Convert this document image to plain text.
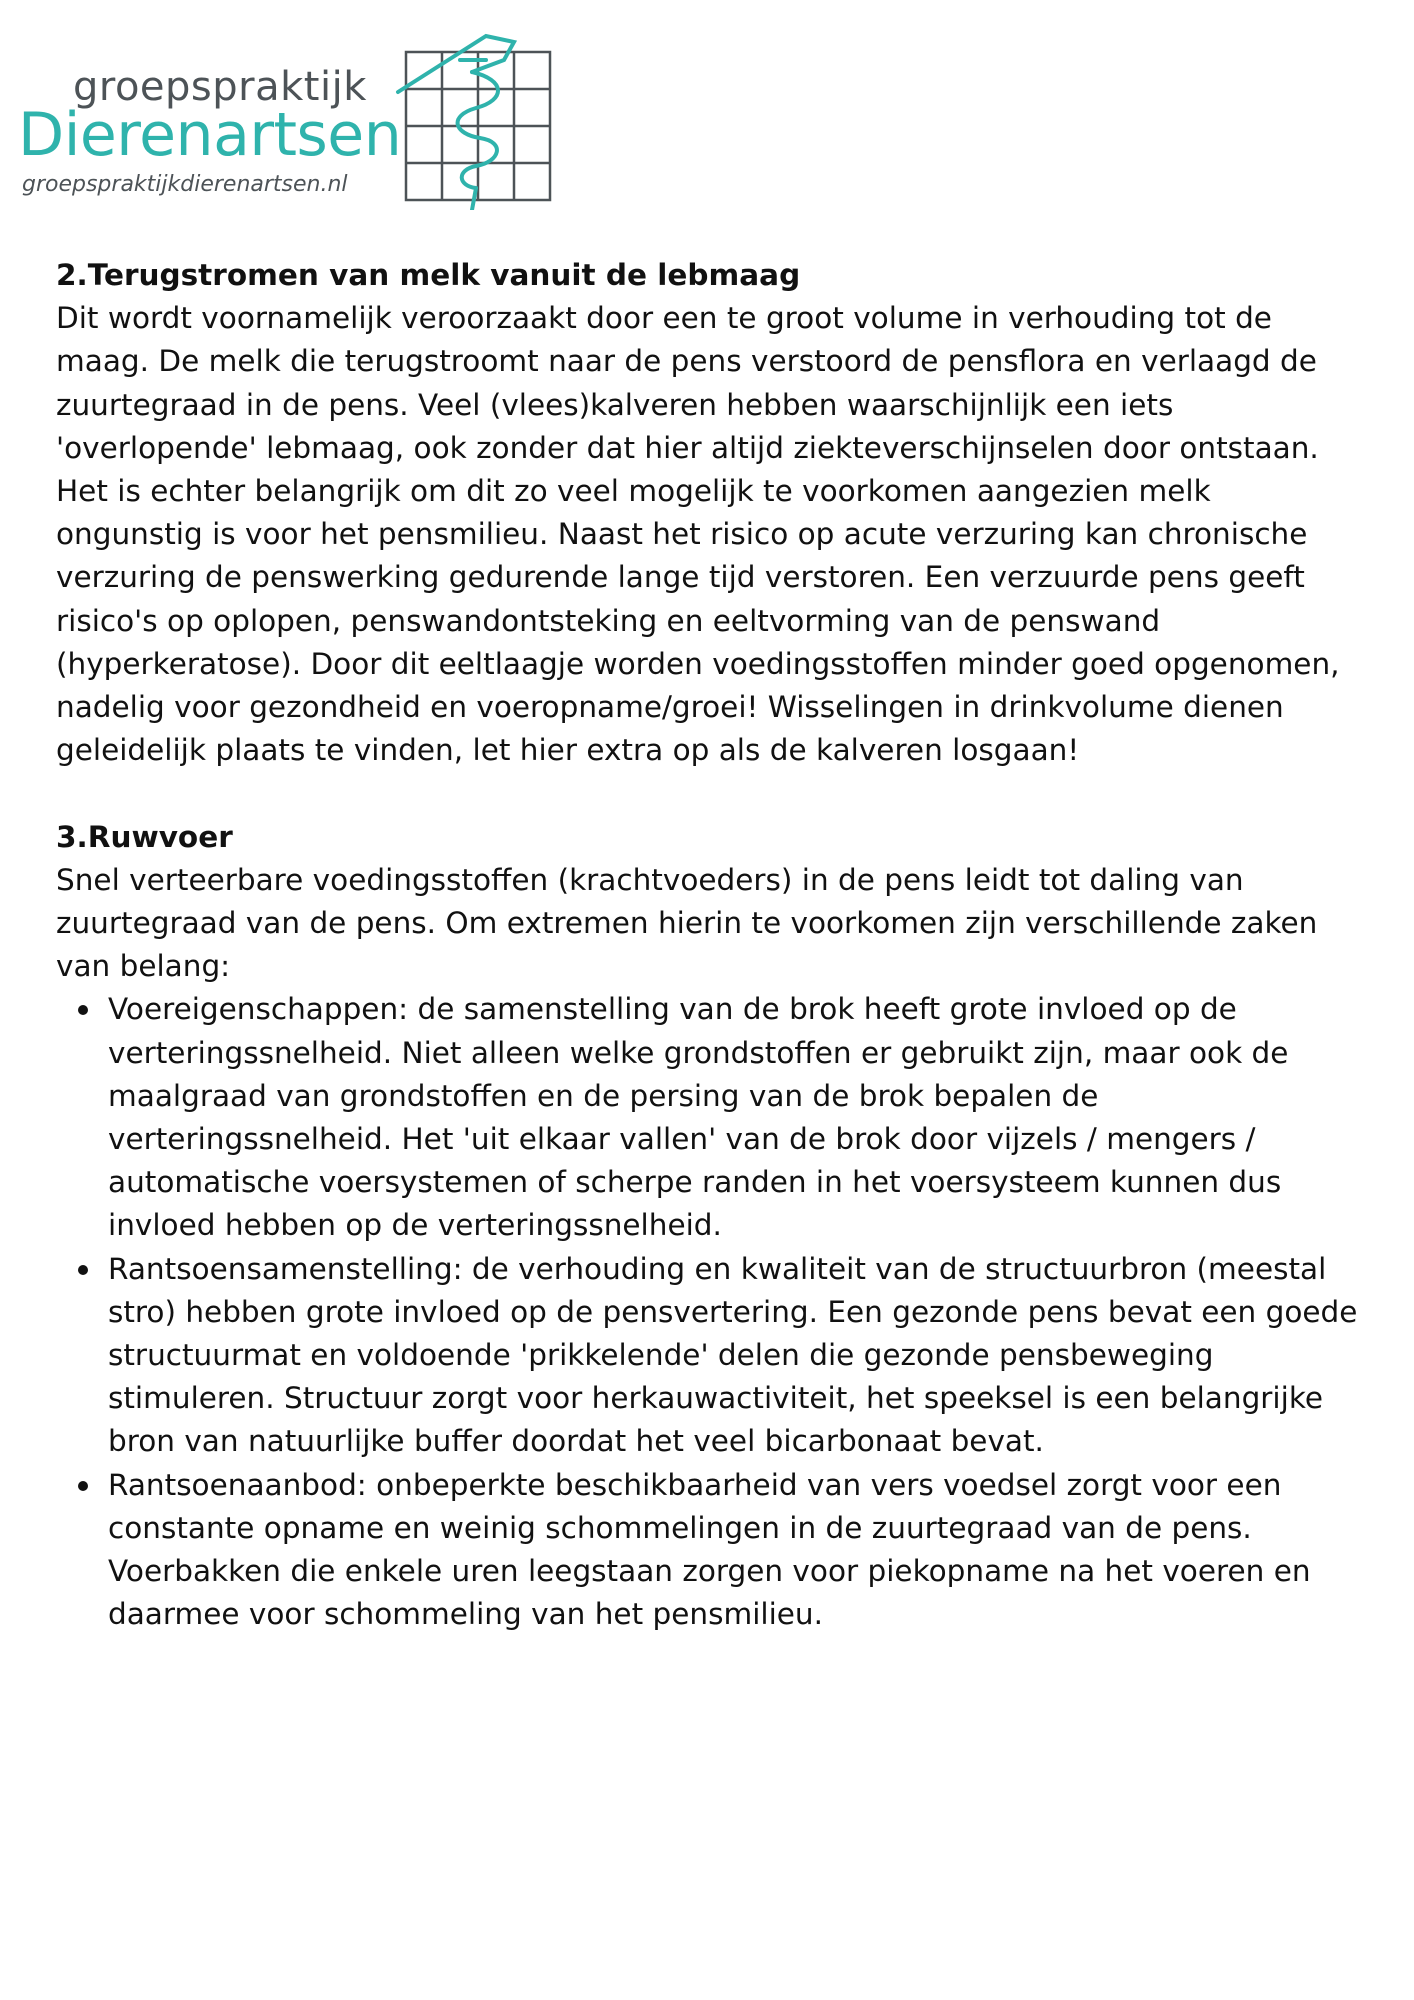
groepspraktijk
Dierenartsen
groepspraktijkdierenartsen.nl

2.Terugstromen van melk vanuit de lebmaag

Dit wordt voornamelijk veroorzaakt door een te groot volume in verhouding tot de maag. De melk die terugstroomt naar de pens verstoord de pensflora en verlaagd de zuurtegraad in de pens. Veel (vlees)kalveren hebben waarschijnlijk een iets 'overlopende' lebmaag, ook zonder dat hier altijd ziekteverschijnselen door ontstaan. Het is echter belangrijk om dit zo veel mogelijk te voorkomen aangezien melk ongunstig is voor het pensmilieu. Naast het risico op acute verzuring kan chronische verzuring de penswerking gedurende lange tijd verstoren. Een verzuurde pens geeft risico's op oplopen, penswandontsteking en eeltvorming van de penswand (hyperkeratose). Door dit eeltlaagje worden voedingsstoffen minder goed opgenomen, nadelig voor gezondheid en voeropname/groei! Wisselingen in drinkvolume dienen geleidelijk plaats te vinden, let hier extra op als de kalveren losgaan!

3.Ruwvoer

Snel verteerbare voedingsstoffen (krachtvoeders) in de pens leidt tot daling van zuurtegraad van de pens. Om extremen hierin te voorkomen zijn verschillende zaken van belang:

Voereigenschappen: de samenstelling van de brok heeft grote invloed op de verteringssnelheid. Niet alleen welke grondstoffen er gebruikt zijn, maar ook de maalgraad van grondstoffen en de persing van de brok bepalen de verteringssnelheid. Het 'uit elkaar vallen' van de brok door vijzels / mengers / automatische voersystemen of scherpe randen in het voersysteem kunnen dus invloed hebben op de verteringssnelheid.
Rantsoensamenstelling: de verhouding en kwaliteit van de structuurbron (meestal stro) hebben grote invloed op de pensvertering. Een gezonde pens bevat een goede structuurmat en voldoende 'prikkelende' delen die gezonde pensbeweging stimuleren. Structuur zorgt voor herkauwactiviteit, het speeksel is een belangrijke bron van natuurlijke buffer doordat het veel bicarbonaat bevat.
Rantsoenaanbod: onbeperkte beschikbaarheid van vers voedsel zorgt voor een constante opname en weinig schommelingen in de zuurtegraad van de pens. Voerbakken die enkele uren leegstaan zorgen voor piekopname na het voeren en daarmee voor schommeling van het pensmilieu.
